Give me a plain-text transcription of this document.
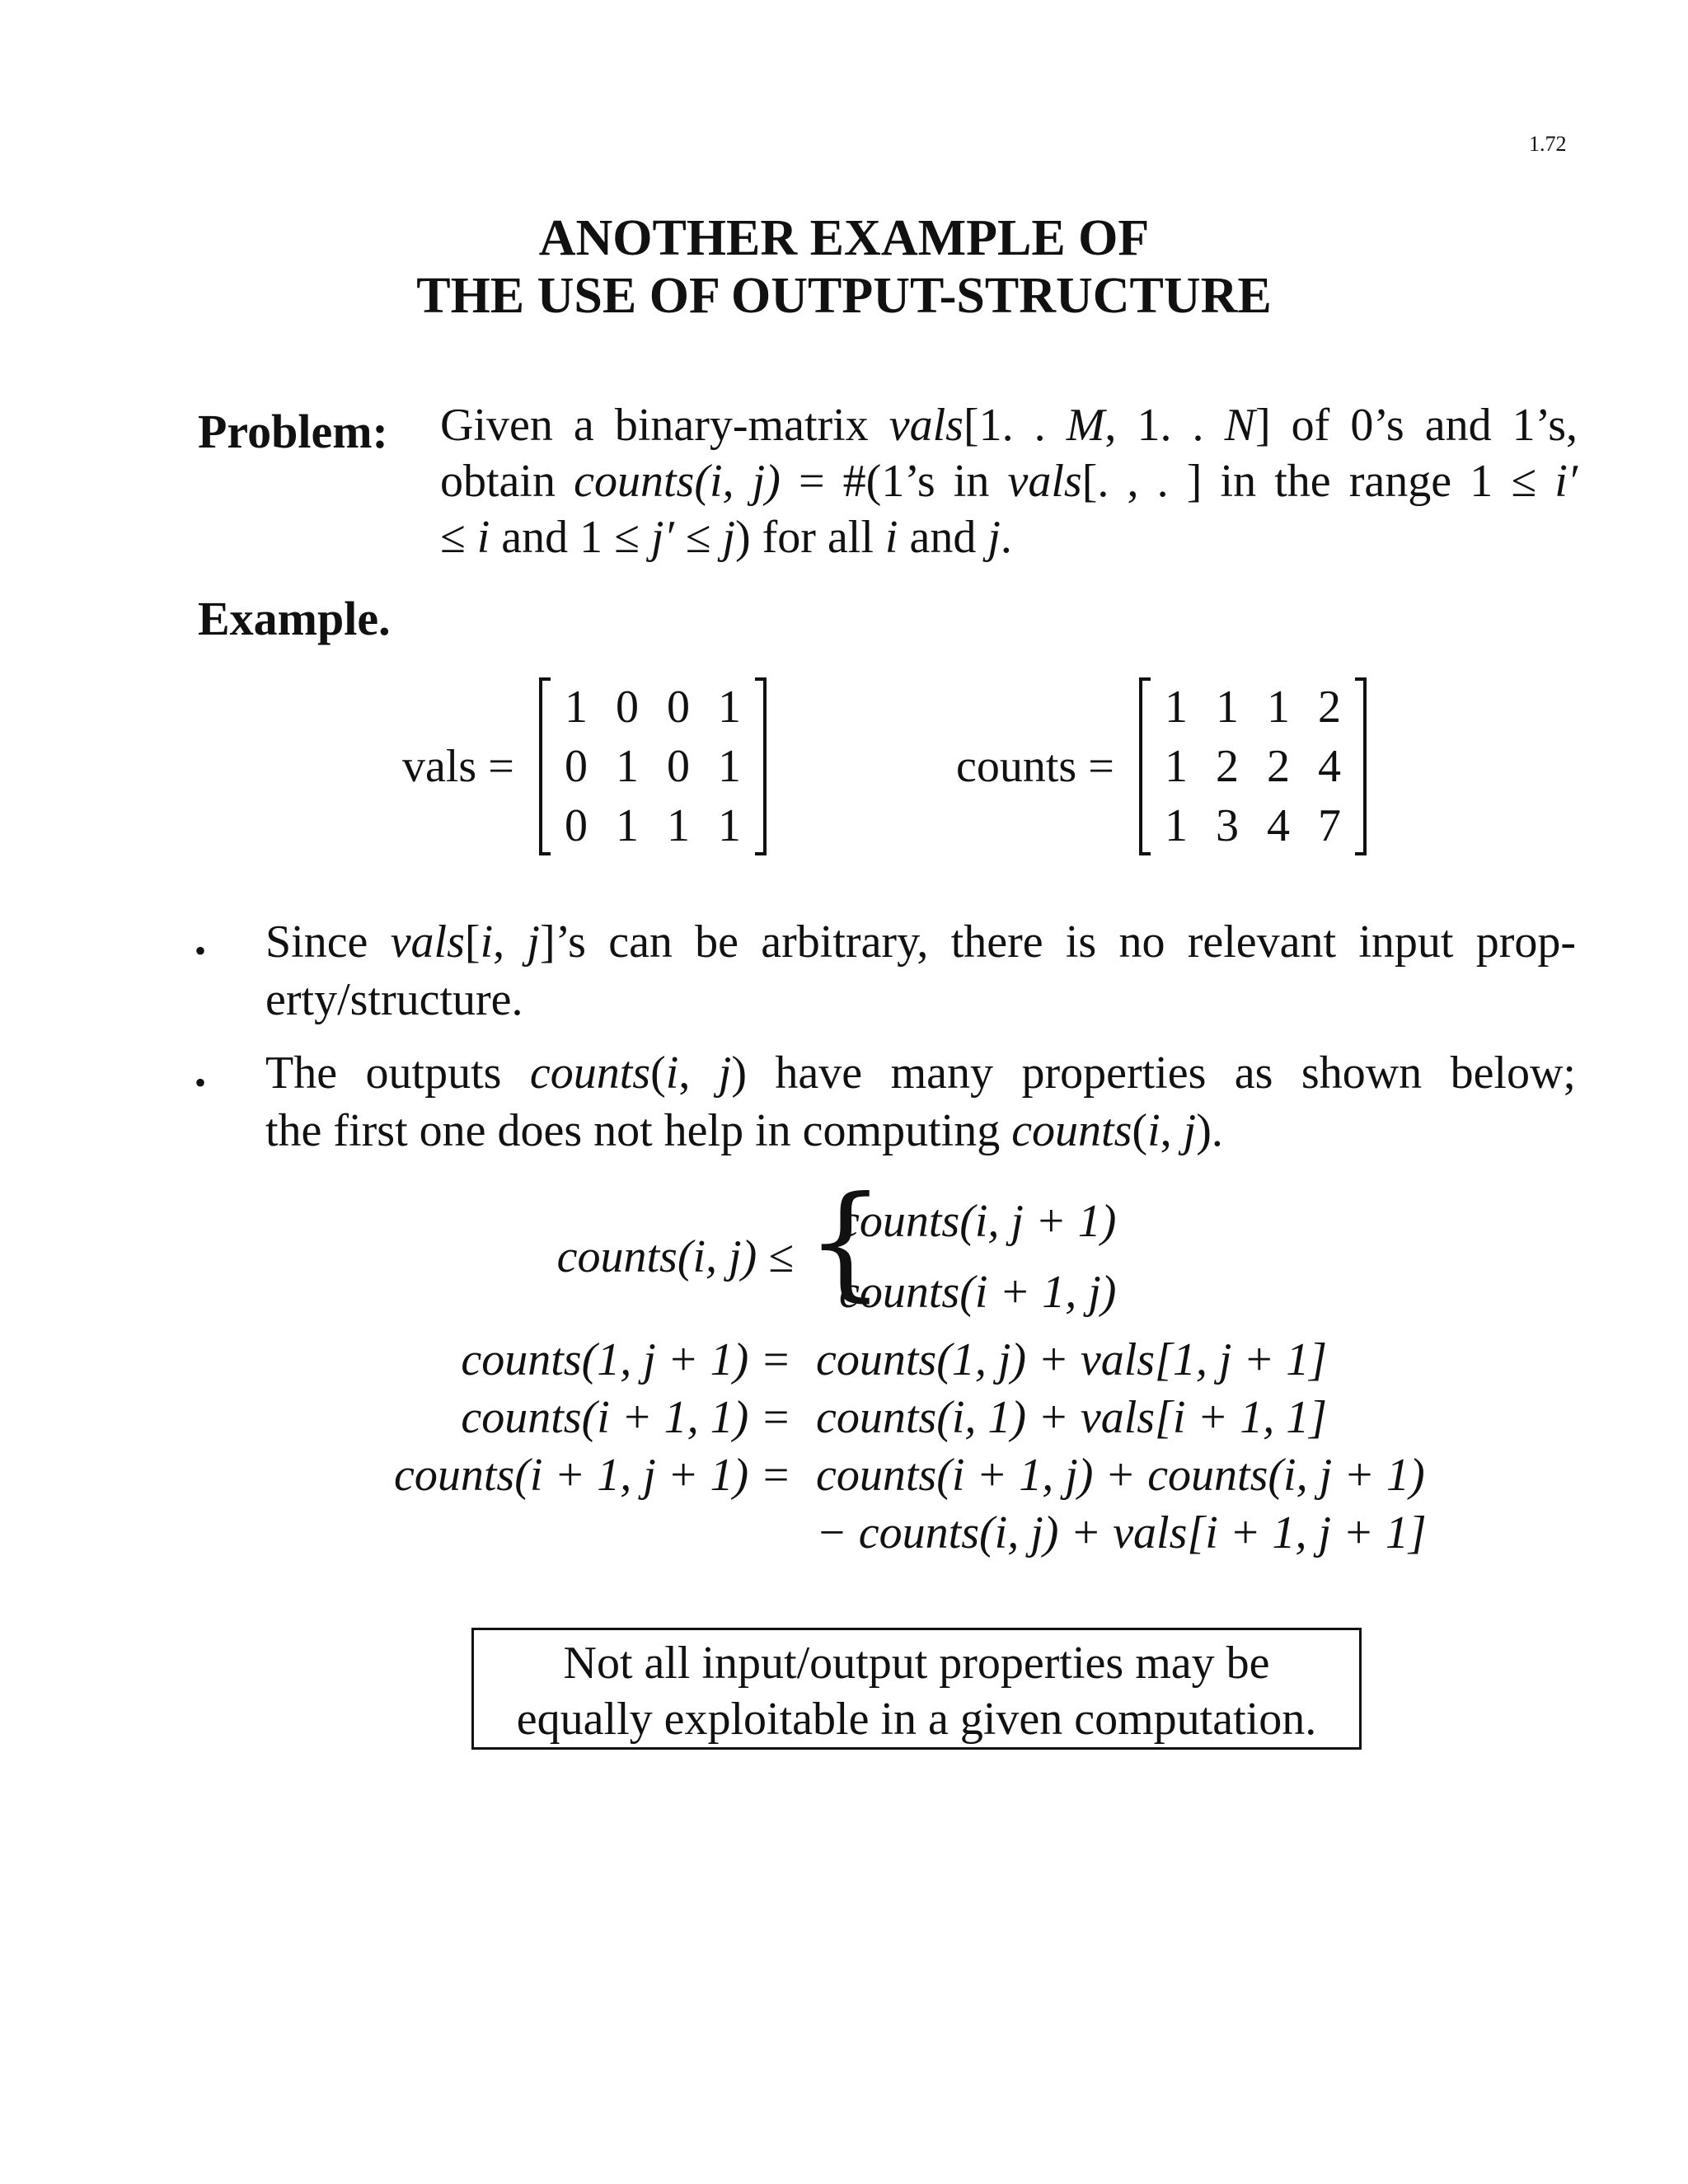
1.72
ANOTHER EXAMPLE OF
THE USE OF OUTPUT-STRUCTURE
Problem: Given a binary-matrix vals[1. . M, 1. . N] of 0’s and 1’s,
obtain counts(i, j) = #(1’s in vals[. , . ] in the range 1 ≤ i′
≤ i and 1 ≤ j′ ≤ j) for all i and j.
Example.
vals =
1	0	0	1
0	1	0	1
0	1	1	1
counts =
1	1	1	2
1	2	2	4
1	3	4	7
• Since vals[i, j]’s can be arbitrary, there is no relevant input prop-
erty/structure.
• The outputs counts(i, j) have many properties as shown below;
the first one does not help in computing counts(i, j).
counts(i, j) ≤ {
counts(i, j + 1)
counts(i + 1, j)
counts(1, j + 1) = counts(1, j) + vals[1, j + 1]
counts(i + 1, 1) = counts(i, 1) + vals[i + 1, 1]
counts(i + 1, j + 1) = counts(i + 1, j) + counts(i, j + 1)
− counts(i, j) + vals[i + 1, j + 1]
Not all input/output properties may be
equally exploitable in a given computation.
